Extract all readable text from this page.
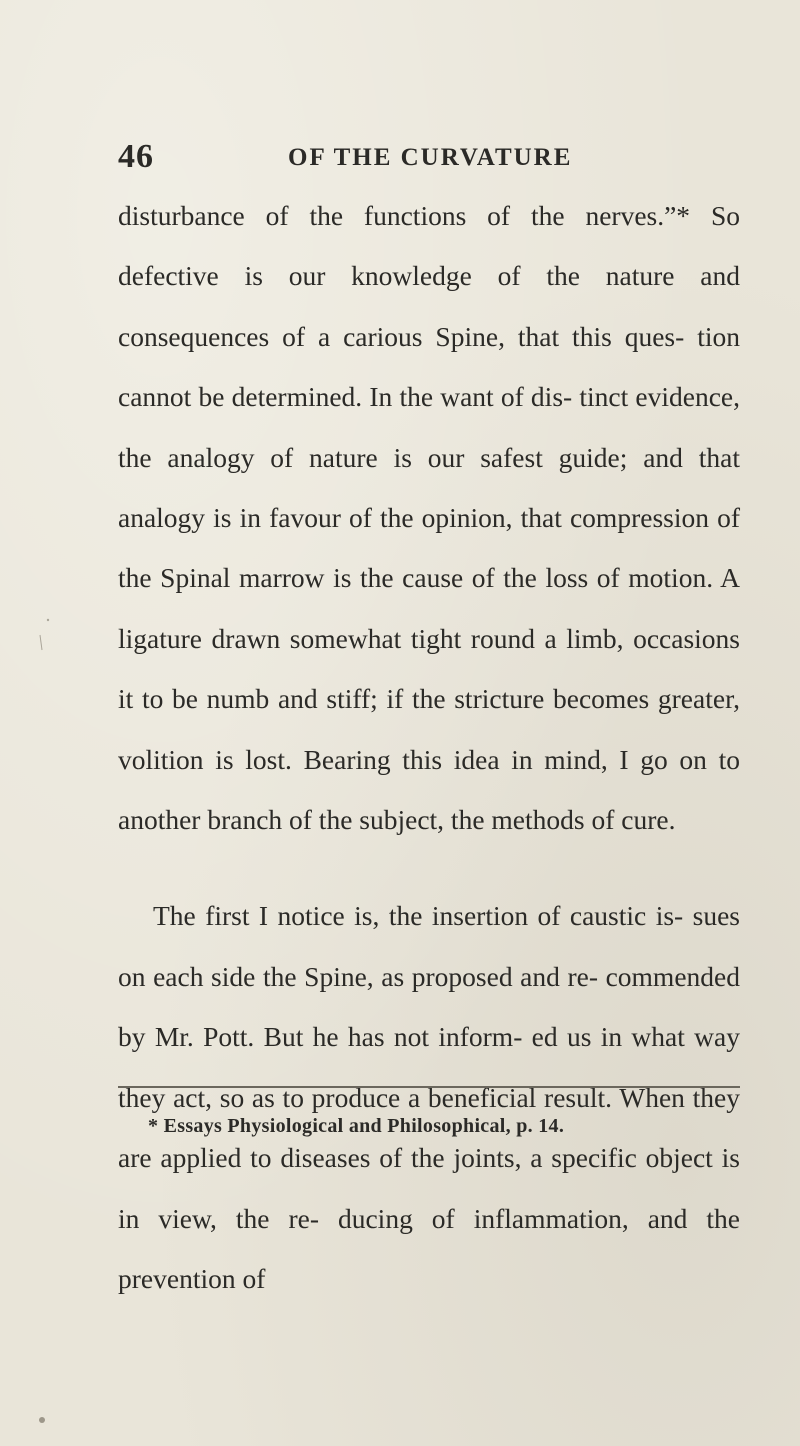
46	OF THE CURVATURE

disturbance of the functions of the nerves.”* So defective is our knowledge of the nature and consequences of a carious Spine, that this ques- tion cannot be determined. In the want of dis- tinct evidence, the analogy of nature is our safest guide; and that analogy is in favour of the opinion, that compression of the Spinal marrow is the cause of the loss of motion. A ligature drawn somewhat tight round a limb, occasions it to be numb and stiff; if the stricture becomes greater, volition is lost. Bearing this idea in mind, I go on to another branch of the subject, the methods of cure.

The first I notice is, the insertion of caustic is- sues on each side the Spine, as proposed and re- commended by Mr. Pott. But he has not inform- ed us in what way they act, so as to produce a beneficial result. When they are applied to diseases of the joints, a specific object is in view, the re- ducing of inflammation, and the prevention of

* Essays Physiological and Philosophical, p. 14.
